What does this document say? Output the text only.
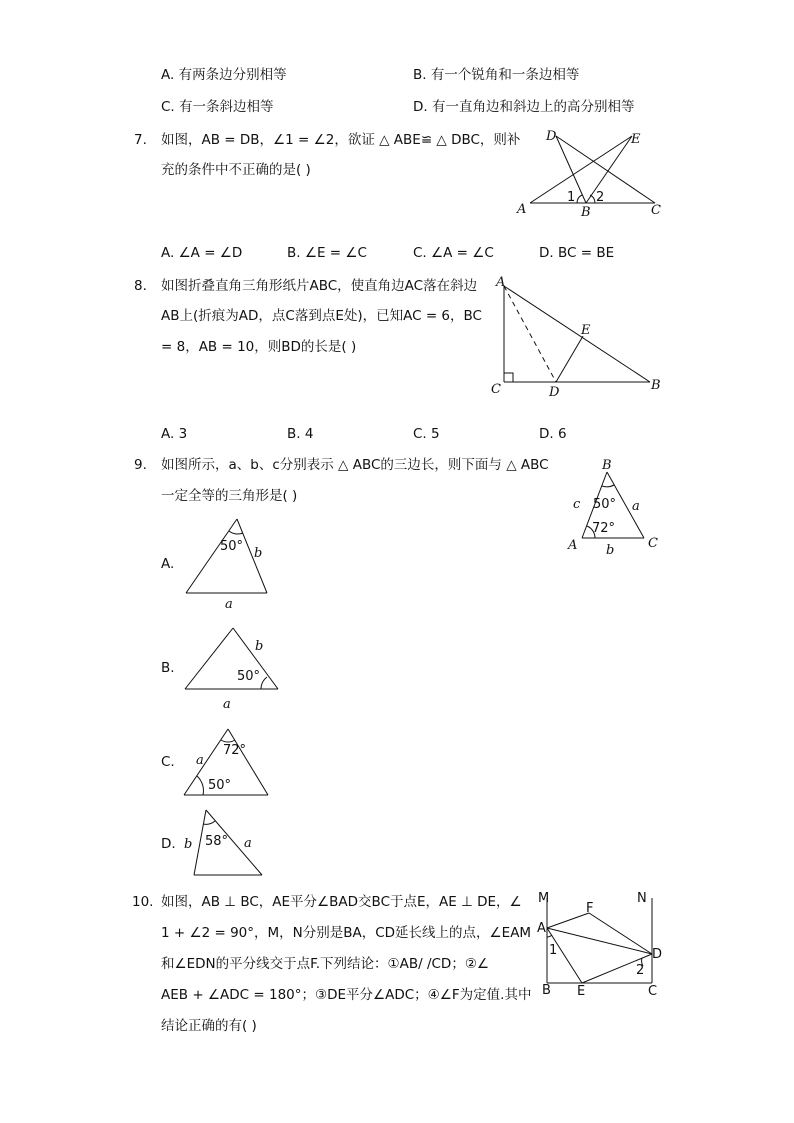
A. 有两条边分别相等	B. 有一个锐角和一条边相等
C. 有一条斜边相等	D. 有一直角边和斜边上的高分别相等
7. 如图，AB = DB，∠1 = ∠2，欲证 △ ABE≌ △ DBC，则补
充的条件中不正确的是( )
D	E
A	B	C
1 2
A. ∠A = ∠D	B. ∠E = ∠C	C. ∠A = ∠C	D. BC = BE
8. 如图折叠直角三角形纸片ABC，使直角边AC落在斜边
AB上(折痕为AD，点C落到点E处)，已知AC = 6，BC
= 8，AB = 10，则BD的长是( )
A
C	D	B
E
A. 3	B. 4	C. 5	D. 6
9. 如图所示，a、b、c分别表示 △ ABC的三边长，则下面与 △ ABC
一定全等的三角形是( )
B
A	C
c	a
b
50°
72°
A.
50° b
a
B.
b
50°
a
C.
72°
a
50°
D. b 58° a
10. 如图，AB ⊥ BC，AE平分∠BAD交BC于点E，AE ⊥ DE，∠
1 + ∠2 = 90°，M，N分别是BA，CD延长线上的点，∠EAM
和∠EDN的平分线交于点F.下列结论：①AB/ /CD；②∠
AEB + ∠ADC = 180°；③DE平分∠ADC；④∠F为定值.其中
结论正确的有( )
M	N
F
A
D
B E	C
1
2
